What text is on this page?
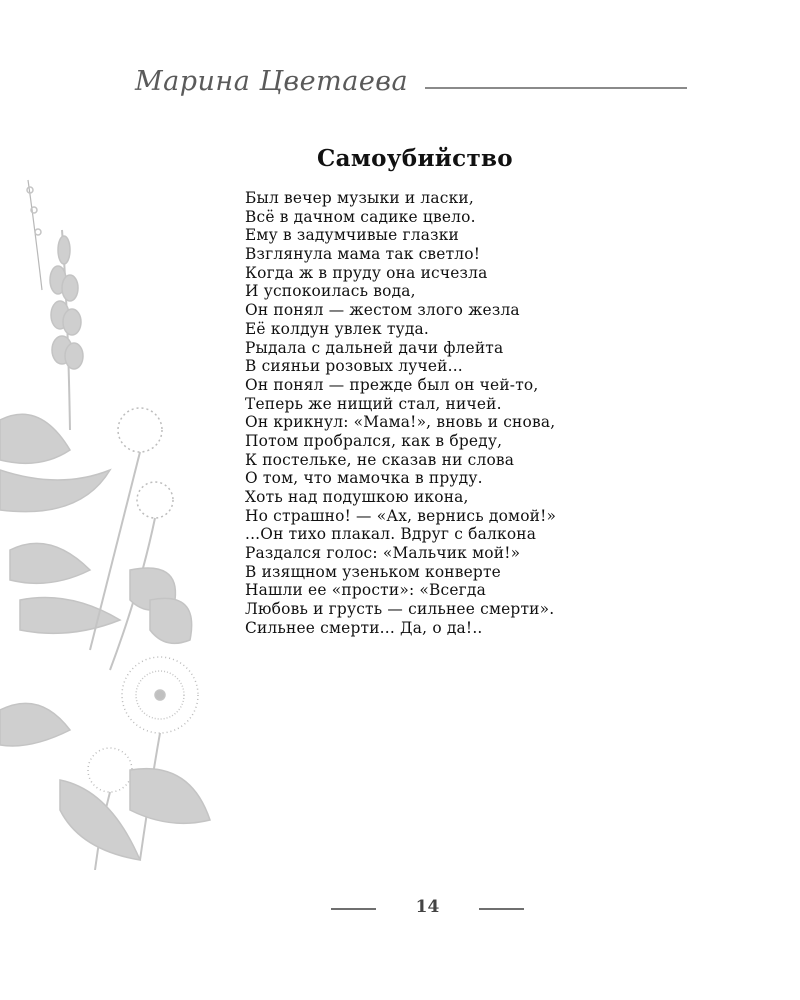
Марина Цветаева
Самоубийство
Был вечер музыки и ласки,
Всё в дачном садике цвело.
Ему в задумчивые глазки
Взглянула мама так светло!
Когда ж в пруду она исчезла
И успокоилась вода,
Он понял — жестом злого жезла
Её колдун увлек туда.
Рыдала с дальней дачи флейта
В сияньи розовых лучей...
Он понял — прежде был он чей-то,
Теперь же нищий стал, ничей.
Он крикнул: «Мама!», вновь и снова,
Потом пробрался, как в бреду,
К постельке, не сказав ни слова
О том, что мамочка в пруду.
Хоть над подушкою икона,
Но страшно! — «Ах, вернись домой!»
...Он тихо плакал. Вдруг с балкона
Раздался голос: «Мальчик мой!»
В изящном узеньком конверте
Нашли ее «прости»: «Всегда
Любовь и грусть — сильнее смерти».
Сильнее смерти... Да, о да!..
14
